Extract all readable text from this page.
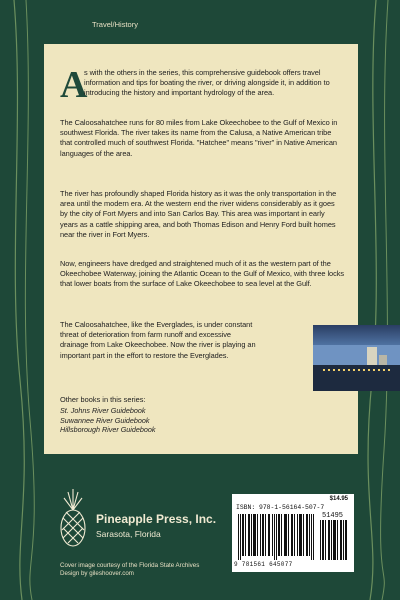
Travel/History
A

s with the others in the series, this comprehensive guidebook offers travel

information and tips for boating the river, or driving alongside it, in addition to

introducing the history and important hydrology of the area.

The Caloosahatchee runs for 80 miles from Lake Okeechobee to the Gulf of Mexico in southwest Florida. The river takes its name from the Calusa, a Native American tribe that controlled much of southwest Florida. "Hatchee" means "river" in Native American languages of the area.

The river has profoundly shaped Florida history as it was the only transportation in the area until the modern era. At the western end the river widens considerably as it goes by the city of Fort Myers and into San Carlos Bay. This area was important in early years as a cattle shipping area, and both Thomas Edison and Henry Ford built homes near the river in Fort Myers.

Now, engineers have dredged and straightened much of it as the western part of the Okeechobee Waterway, joining the Atlantic Ocean to the Gulf of Mexico, with three locks that lower boats from the surface of Lake Okeechobee to sea level at the Gulf.

The Caloosahatchee, like the Everglades, is under constant threat of deterioration from farm runoff and excessive drainage from Lake Okeechobee. Now the river is playing an important part in the effort to restore the Everglades.

Other books in this series:
St. Johns River Guidebook
Suwannee River Guidebook
Hillsborough River Guidebook
Pineapple Press, Inc.
Sarasota, Florida
Cover image courtesy of the Florida State Archives
Design by gileshoover.com
$14.95
ISBN: 978-1-56164-507-7
51495
9 781561 645077
